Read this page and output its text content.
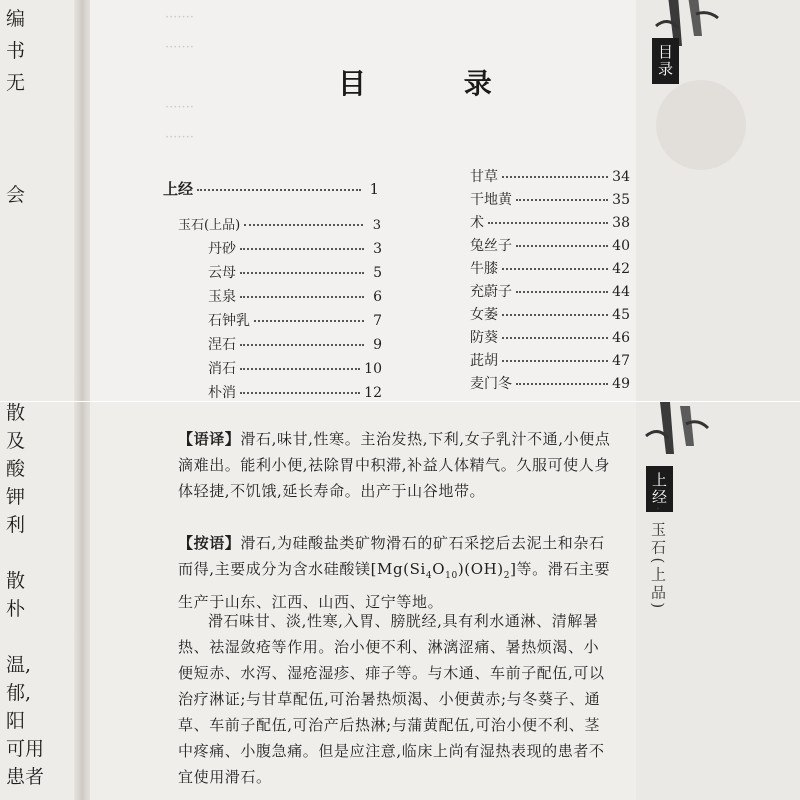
编
书
无
会
·······
·······
·······
·······
目 录
上经	1
玉石(上品)	3
丹砂	3
云母	5
玉泉	6
石钟乳	7
涅石	9
消石	10
朴消	12
甘草	34
干地黄	35
术	38
兔丝子	40
牛膝	42
充蔚子	44
女萎	45
防葵	46
茈胡	47
麦门冬	49
目录
散
及
酸
钾
利
散
朴
温,
郁,
阳
可用
患者
【语译】滑石,味甘,性寒。主治发热,下利,女子乳汁不通,小便点滴难出。能利小便,祛除胃中积滞,补益人体精气。久服可使人身体轻捷,不饥饿,延长寿命。出产于山谷地带。
【按语】滑石,为硅酸盐类矿物滑石的矿石采挖后去泥土和杂石而得,主要成分为含水硅酸镁$[Mg(Si_4O_{10})(OH)_2]$等。滑石主要生产于山东、江西、山西、辽宁等地。
滑石味甘、淡,性寒,入胃、膀胱经,具有利水通淋、清解暑热、祛湿敛疮等作用。治小便不利、淋漓涩痛、暑热烦渴、小便短赤、水泻、湿疮湿疹、痱子等。与木通、车前子配伍,可以治疗淋证;与甘草配伍,可治暑热烦渴、小便黄赤;与冬葵子、通草、车前子配伍,可治产后热淋;与蒲黄配伍,可治小便不利、茎中疼痛、小腹急痛。但是应注意,临床上尚有湿热表现的患者不宜使用滑石。
上经
· 玉石(上品)
